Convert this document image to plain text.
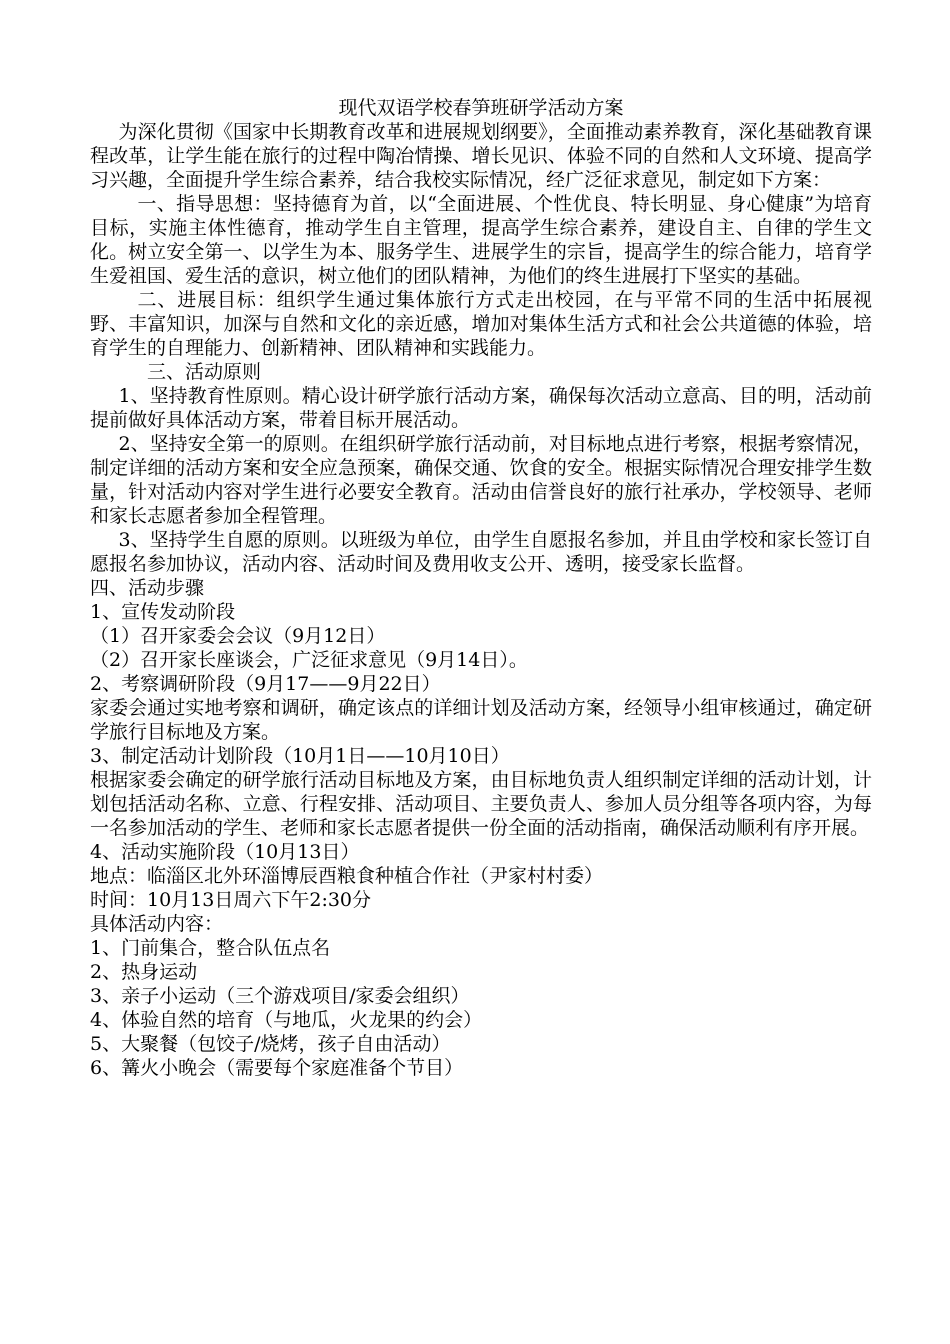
现代双语学校春笋班研学活动方案

为深化贯彻《国家中长期教育改革和进展规划纲要》，全面推动素养教育，深化基础教育课程改革，让学生能在旅行的过程中陶冶情操、增长见识、体验不同的自然和人文环境、提高学习兴趣，全面提升学生综合素养，结合我校实际情况，经广泛征求意见，制定如下方案：

一、指导思想：坚持德育为首，以“全面进展、个性优良、特长明显、身心健康”为培育目标，实施主体性德育，推动学生自主管理，提高学生综合素养，建设自主、自律的学生文化。树立安全第一、以学生为本、服务学生、进展学生的宗旨，提高学生的综合能力，培育学生爱祖国、爱生活的意识，树立他们的团队精神，为他们的终生进展打下坚实的基础。

二、进展目标：组织学生通过集体旅行方式走出校园，在与平常不同的生活中拓展视野、丰富知识，加深与自然和文化的亲近感，增加对集体生活方式和社会公共道德的体验，培育学生的自理能力、创新精神、团队精神和实践能力。

三、活动原则

1、坚持教育性原则。精心设计研学旅行活动方案，确保每次活动立意高、目的明，活动前提前做好具体活动方案，带着目标开展活动。

2、坚持安全第一的原则。在组织研学旅行活动前，对目标地点进行考察，根据考察情况，制定详细的活动方案和安全应急预案，确保交通、饮食的安全。根据实际情况合理安排学生数量，针对活动内容对学生进行必要安全教育。活动由信誉良好的旅行社承办，学校领导、老师和家长志愿者参加全程管理。

3、坚持学生自愿的原则。以班级为单位，由学生自愿报名参加，并且由学校和家长签订自愿报名参加协议，活动内容、活动时间及费用收支公开、透明，接受家长监督。

四、活动步骤

1、宣传发动阶段

（1）召开家委会会议（9月12日）

（2）召开家长座谈会，广泛征求意见（9月14日）。

2、考察调研阶段（9月17——9月22日）

家委会通过实地考察和调研，确定该点的详细计划及活动方案，经领导小组审核通过，确定研学旅行目标地及方案。

3、制定活动计划阶段（10月1日——10月10日）

根据家委会确定的研学旅行活动目标地及方案，由目标地负责人组织制定详细的活动计划，计划包括活动名称、立意、行程安排、活动项目、主要负责人、参加人员分组等各项内容，为每一名参加活动的学生、老师和家长志愿者提供一份全面的活动指南，确保活动顺利有序开展。

4、活动实施阶段（10月13日）

地点：临淄区北外环淄博辰酉粮食种植合作社（尹家村村委）

时间：10月13日周六下午2:30分

具体活动内容：

1、门前集合，整合队伍点名
2、热身运动
3、亲子小运动（三个游戏项目/家委会组织）
4、体验自然的培育（与地瓜，火龙果的约会）
5、大聚餐（包饺子/烧烤，孩子自由活动）
6、篝火小晚会（需要每个家庭准备个节目）
